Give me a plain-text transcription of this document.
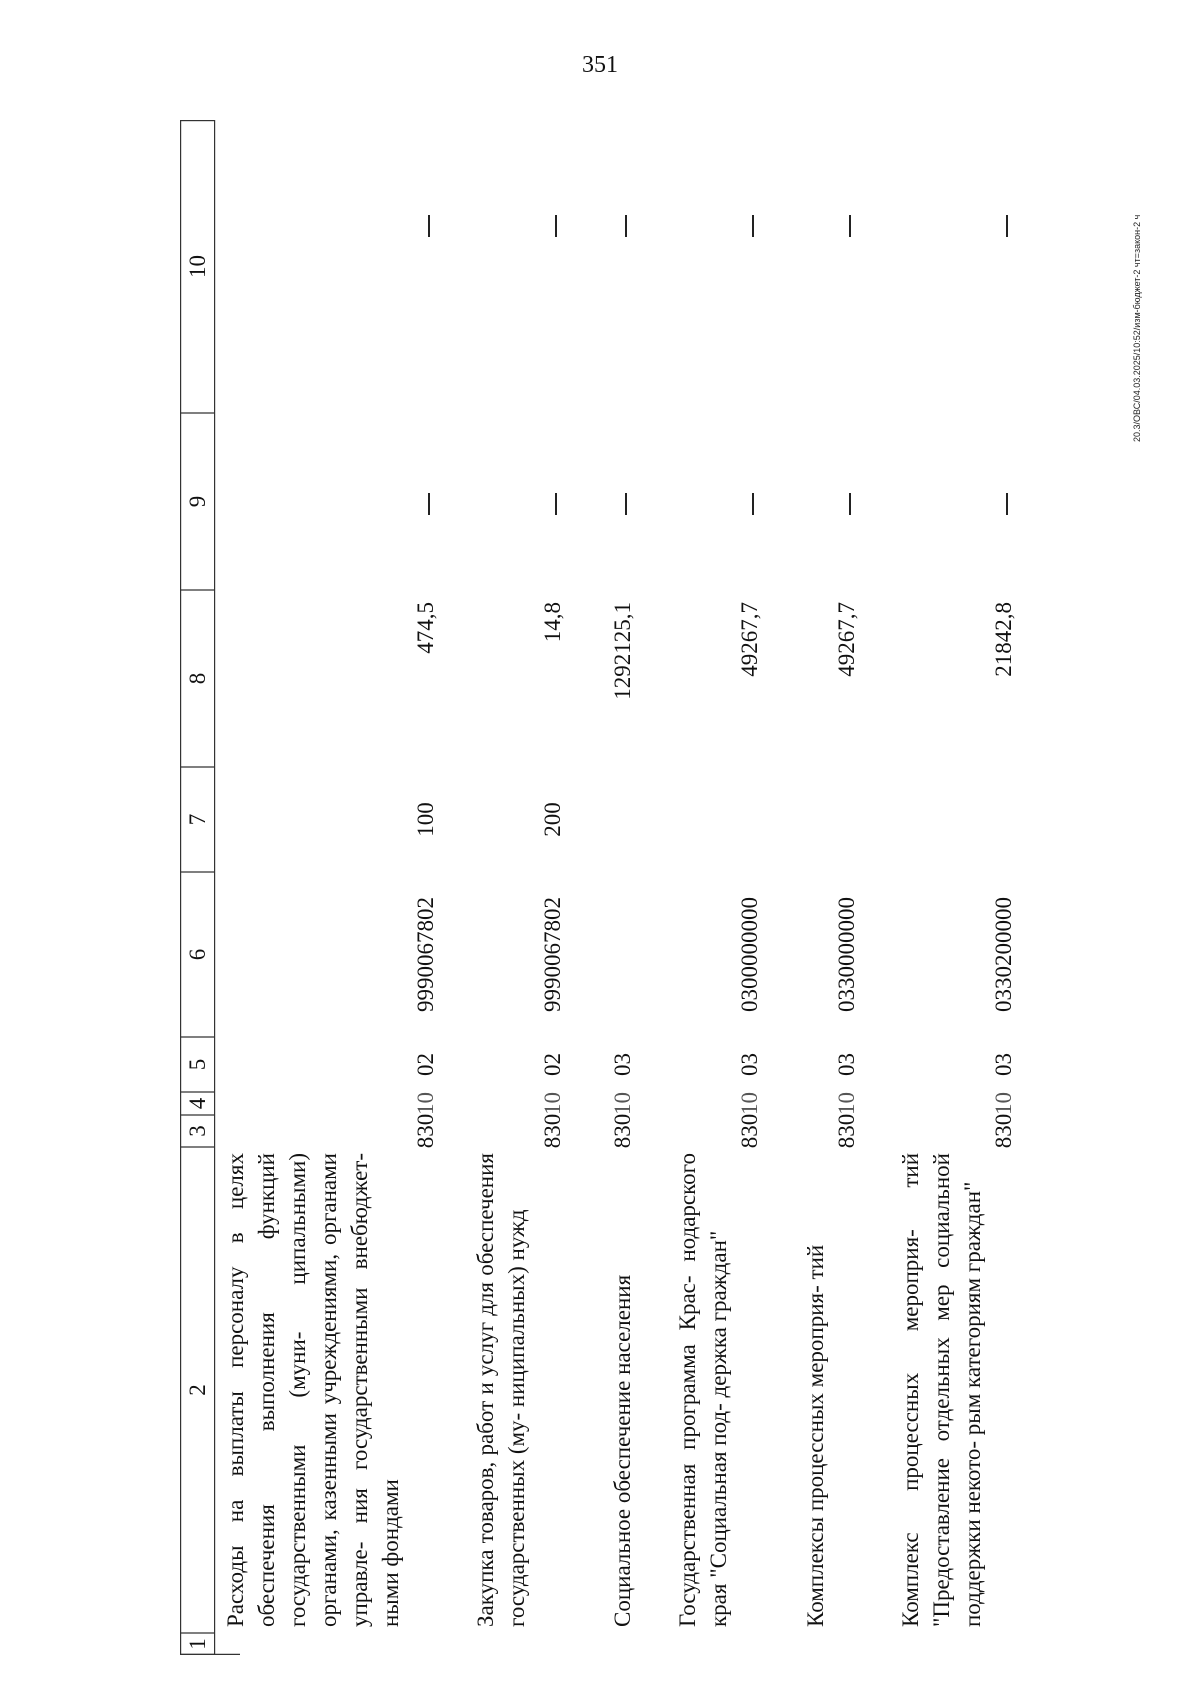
351
20.3/ОВС/04.03.2025/10:52/изм-бюджет-2 чт=закон-2 ч
1
2
3
4
5
6
7
8
9
10
Расходы на выплаты персоналу в целях обеспечения выполнения функций государственными (муни- ципальными) органами, казенными учреждениями, органами управле- ния государственными внебюджет- ными фондами
830
10
02
9990067802
100
474,5
Закупка товаров, работ и услуг для обеспечения государственных (му- ниципальных) нужд
830
10
02
9990067802
200
14,8
Социальное обеспечение населения
830
10
03
1292125,1
Государственная программа Крас- нодарского края "Социальная под- держка граждан"
830
10
03
0300000000
49267,7
Комплексы процессных мероприя- тий
830
10
03
0330000000
49267,7
Комплекс процессных мероприя- тий "Предоставление отдельных мер социальной поддержки некото- рым категориям граждан"
830
10
03
0330200000
21842,8
